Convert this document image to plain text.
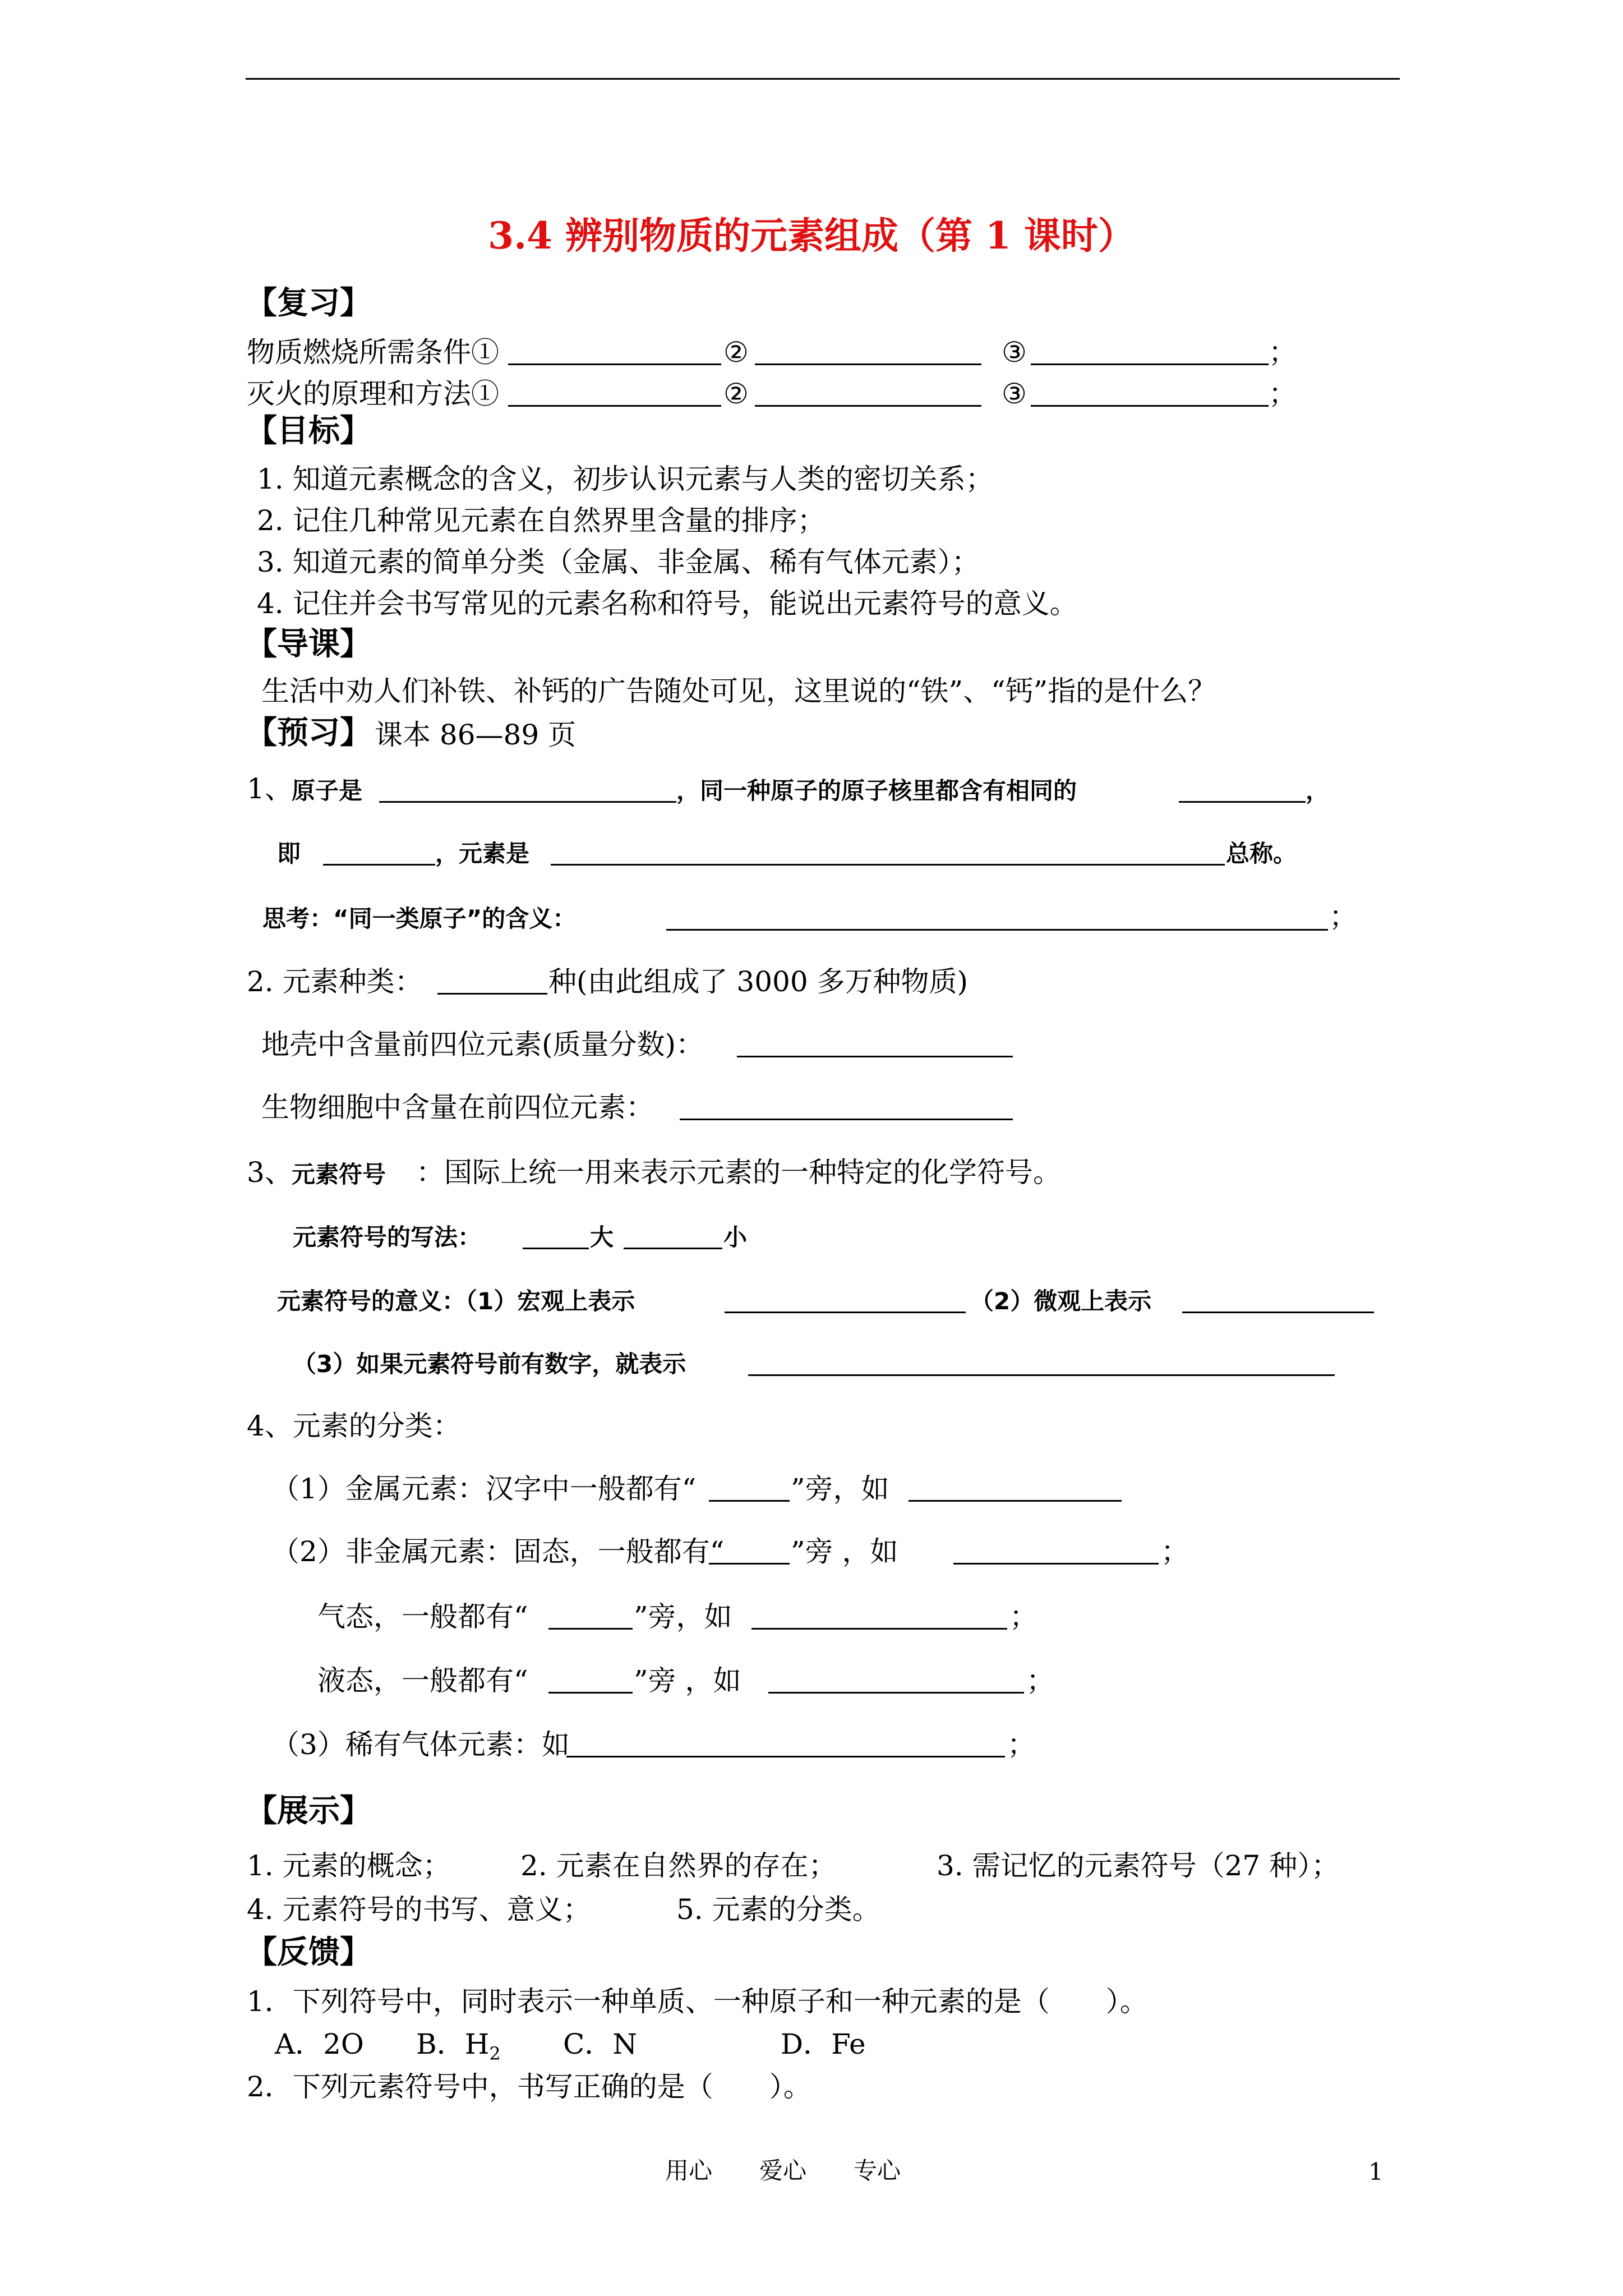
3.4 辨别物质的元素组成（第 1 课时）
【复习】
物质燃烧所需条件①	②	③	；
灭火的原理和方法①	②	③	；
【目标】
1. 知道元素概念的含义，初步认识元素与人类的密切关系；
2. 记住几种常见元素在自然界里含量的排序；
3. 知道元素的简单分类（金属、非金属、稀有气体元素）；
4. 记住并会书写常见的元素名称和符号，能说出元素符号的意义。
【导课】
生活中劝人们补铁、补钙的广告随处可见，这里说的“铁”、“钙”指的是什么？
【预习】 课本 86—89 页
1、
原子是	，同一种原子的原子核里都含有相同的	，
即	，元素是	总称。
思考：“同一类原子”的含义：	；
2. 元素种类：	种(由此组成了 3000 多万种物质)
地壳中含量前四位元素(质量分数)：
生物细胞中含量在前四位元素：
3、
元素符号 ：国际上统一用来表示元素的一种特定的化学符号。
元素符号的写法：	大	小
元素符号的意义：（1）宏观上表示	（2）微观上表示
（3）如果元素符号前有数字，就表示
4、元素的分类：
（1）金属元素：汉字中一般都有“	”旁，如
（2）非金属元素：固态，一般都有“ ”旁 ，如	；
气态，一般都有“	”旁，如	；
液态，一般都有“	”旁 ，如	；
（3）稀有气体元素：如	；
【展示】
1. 元素的概念； 2. 元素在自然界的存在；	3. 需记忆的元素符号（27 种）；
4. 元素符号的书写、意义；	5. 元素的分类。
【反馈】
1．下列符号中，同时表示一种单质、一种原子和一种元素的是（　　）。
A．2O B．$H_2$ C．N	D．Fe
2．下列元素符号中，书写正确的是（　　）。
用心　　爱心　　专心	1
